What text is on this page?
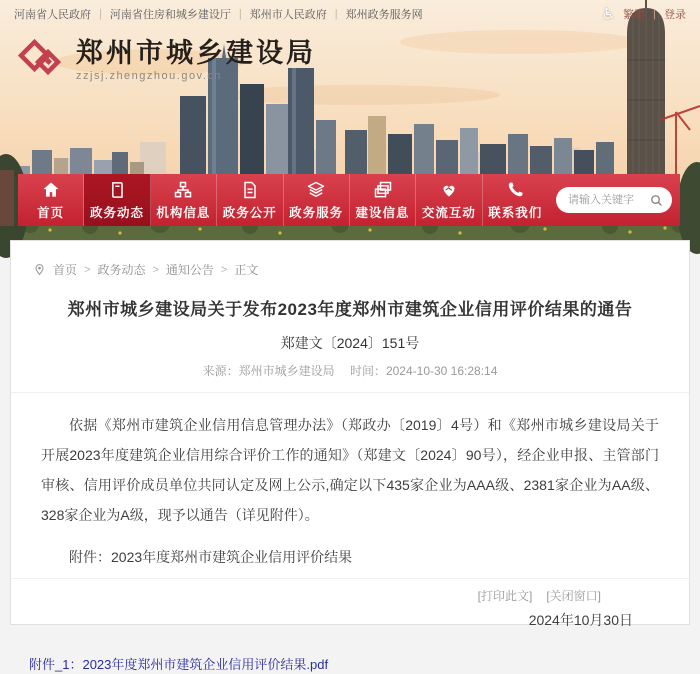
河南省人民政府 | 河南省住房和城乡建设厅 | 郑州市人民政府 | 郑州政务服务网	♿ 繁體 | 登录
郑州市城乡建设局
zzjsj.zhengzhou.gov.cn
首页 政务动态 机构信息 政务公开 政务服务 建设信息 交流互动 联系我们
请输入关键字
首页 > 政务动态 > 通知公告 > 正文
郑州市城乡建设局关于发布2023年度郑州市建筑企业信用评价结果的通告
郑建文〔2024〕151号
来源：郑州市城乡建设局 时间：2024-10-30 16:28:14

依据《郑州市建筑企业信用信息管理办法》（郑政办〔2019〕4号）和《郑州市城乡建设局关于开展2023年度建筑企业信用综合评价工作的通知》（郑建文〔2024〕90号），经企业申报、主管部门审核、信用评价成员单位共同认定及网上公示,确定以下435家企业为AAA级、2381家企业为AA级、328家企业为A级，现予以通告（详见附件）。

附件：2023年度郑州市建筑企业信用评价结果

2024年10月30日
附件_1：2023年度郑州市建筑企业信用评价结果.pdf
[打印此文] [关闭窗口]
